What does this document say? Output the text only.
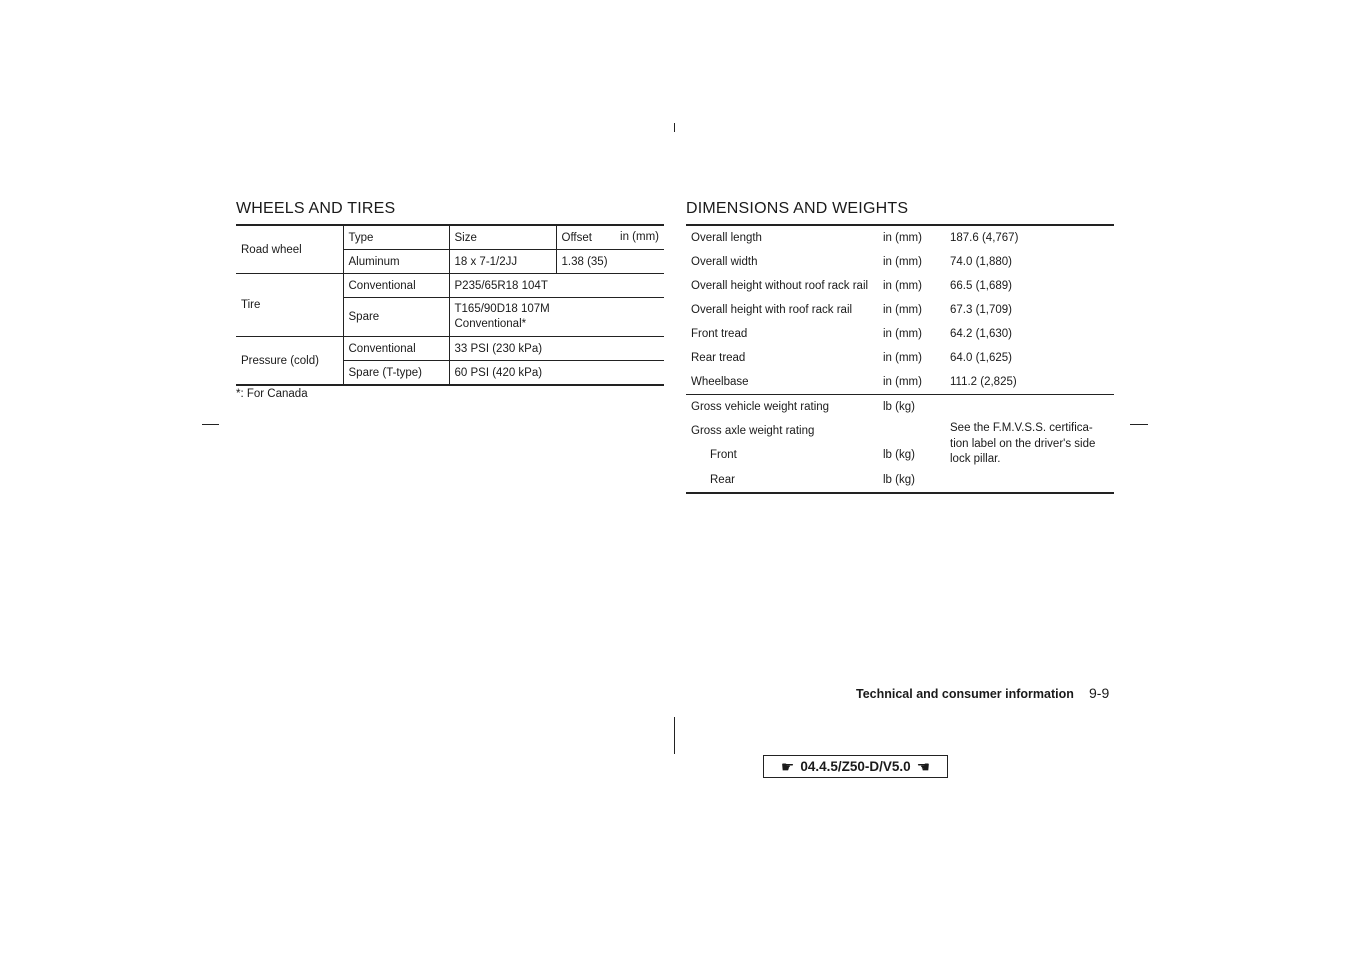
WHEELS AND TIRES
Road wheel	Type	Size	Offset in (mm)

	Aluminum	18 x 7-1/2JJ	1.38 (35)
Tire	Conventional	P235/65R18 104T	
	Spare	T165/90D18 107M
Conventional*	

Pressure (cold)	Conventional	33 PSI (230 kPa)	
	Spare (T-type)	60 PSI (420 kPa)	
*: For Canada
DIMENSIONS AND WEIGHTS
Overall length	in (mm)	187.6 (4,767)
Overall width	in (mm)	74.0 (1,880)
Overall height without roof rack rail	in (mm)	66.5 (1,689)
Overall height with roof rack rail	in (mm)	67.3 (1,709)
Front tread	in (mm)	64.2 (1,630)
Rear tread	in (mm)	64.0 (1,625)
Wheelbase	in (mm)	111.2 (2,825)
Gross vehicle weight rating	lb (kg)	
Gross axle weight rating		See the F.M.V.S.S. certifica-
tion label on the driver's side
lock pillar.

Front	lb (kg)	
Rear	lb (kg)	
Technical and consumer information 9-9
☛ 04.4.5/Z50-D/V5.0 ☚
